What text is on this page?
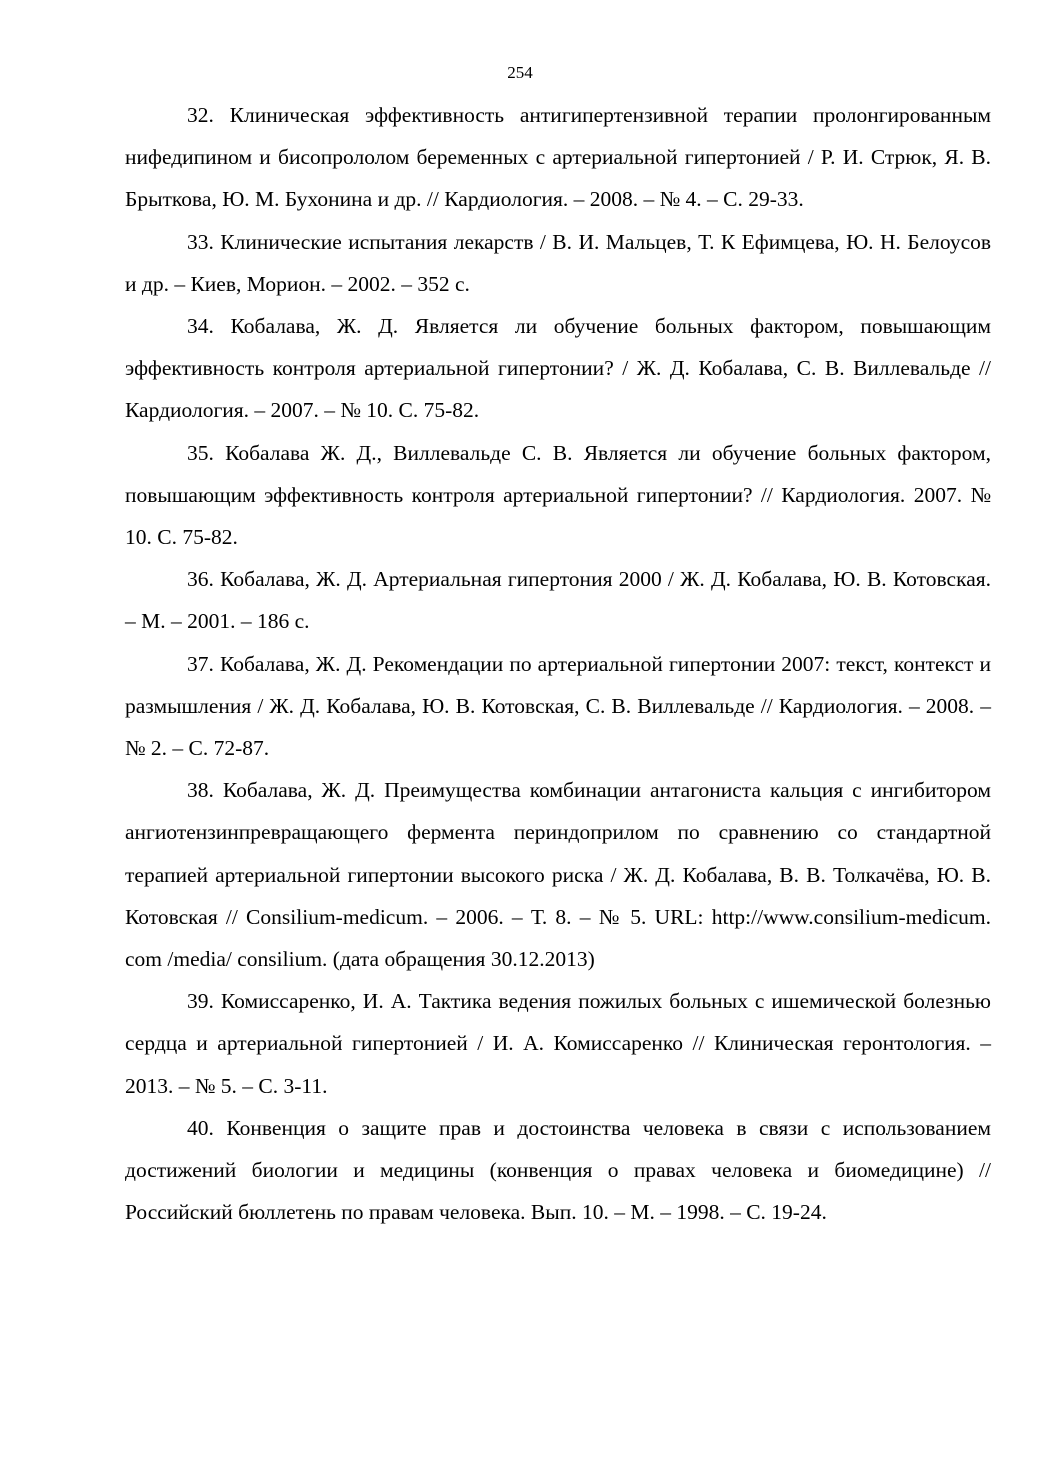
254
32. Клиническая эффективность антигипертензивной терапии пролонгированным нифедипином и бисопрололом беременных с артериальной гипертонией / Р. И. Стрюк, Я. В. Брыткова, Ю. М. Бухонина и др. // Кардиология. – 2008. – № 4. – С. 29-33.
33. Клинические испытания лекарств / В. И. Мальцев, Т. К Ефимцева, Ю. Н. Белоусов и др. – Киев, Морион. – 2002. – 352 с.
34. Кобалава, Ж. Д. Является ли обучение больных фактором, повышающим эффективность контроля артериальной гипертонии? / Ж. Д. Кобалава, С. В. Виллевальде // Кардиология. – 2007. – № 10. С. 75-82.
35. Кобалава Ж. Д., Виллевальде С. В. Является ли обучение больных фактором, повышающим эффективность контроля артериальной гипертонии? // Кардиология. 2007. № 10. С. 75-82.
36. Кобалава, Ж. Д. Артериальная гипертония 2000 / Ж. Д. Кобалава, Ю. В. Котовская. – М. – 2001. – 186 с.
37. Кобалава, Ж. Д. Рекомендации по артериальной гипертонии 2007: текст, контекст и размышления / Ж. Д. Кобалава, Ю. В. Котовская, С. В. Виллевальде // Кардиология. – 2008. – № 2. – С. 72-87.
38. Кобалава, Ж. Д. Преимущества комбинации антагониста кальция с ингибитором ангиотензинпревращающего фермента периндоприлом по сравнению со стандартной терапией артериальной гипертонии высокого риска / Ж. Д. Кобалава, В. В. Толкачёва, Ю. В. Котовская // Consilium-medicum. – 2006. – Т. 8. – № 5. URL: http://www.consilium-medicum. com /media/ consilium. (дата обращения 30.12.2013)
39. Комиссаренко, И. А. Тактика ведения пожилых больных с ишемической болезнью сердца и артериальной гипертонией / И. А. Комиссаренко // Клиническая геронтология. – 2013. – № 5. – С. 3-11.
40. Конвенция о защите прав и достоинства человека в связи с использованием достижений биологии и медицины (конвенция о правах человека и биомедицине) // Российский бюллетень по правам человека. Вып. 10. – М. – 1998. – С. 19-24.
